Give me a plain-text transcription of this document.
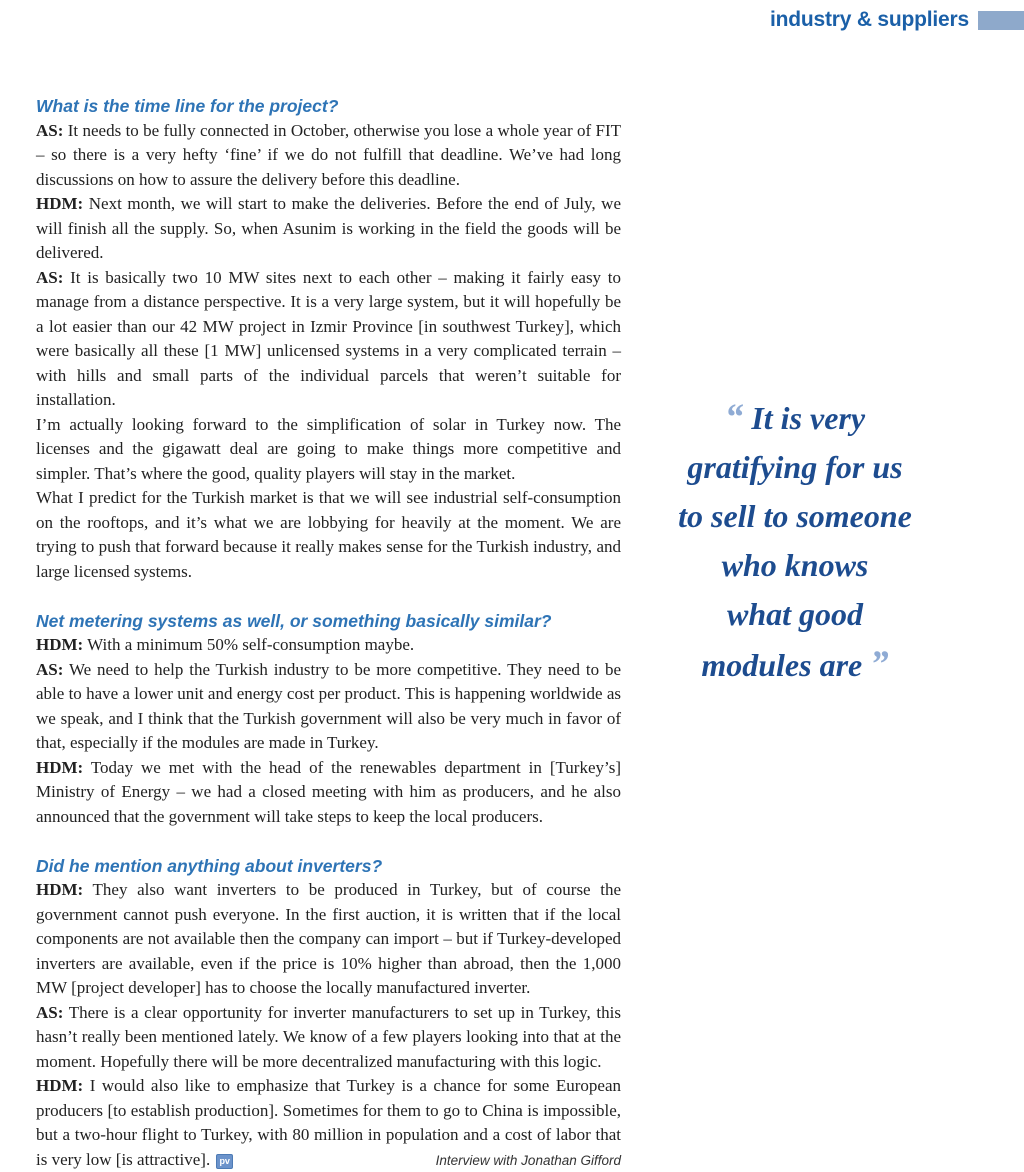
industry & suppliers
What is the time line for the project?

AS: It needs to be fully connected in October, otherwise you lose a whole year of FIT – so there is a very hefty ‘fine’ if we do not fulfill that deadline. We’ve had long discussions on how to assure the delivery before this deadline.

HDM: Next month, we will start to make the deliveries. Before the end of July, we will finish all the supply. So, when Asunim is working in the field the goods will be delivered.

AS: It is basically two 10 MW sites next to each other – making it fairly easy to manage from a distance perspective. It is a very large system, but it will hopefully be a lot easier than our 42 MW project in Izmir Province [in southwest Turkey], which were basically all these [1 MW] unlicensed systems in a very complicated terrain – with hills and small parts of the individual parcels that weren’t suitable for installation.

I’m actually looking forward to the simplification of solar in Turkey now. The licenses and the gigawatt deal are going to make things more competitive and simpler. That’s where the good, quality players will stay in the market.

What I predict for the Turkish market is that we will see industrial self-consumption on the rooftops, and it’s what we are lobbying for heavily at the moment. We are trying to push that forward because it really makes sense for the Turkish industry, and large licensed systems.

Net metering systems as well, or something basically similar?

HDM: With a minimum 50% self-consumption maybe.

AS: We need to help the Turkish industry to be more competitive. They need to be able to have a lower unit and energy cost per product. This is happening worldwide as we speak, and I think that the Turkish government will also be very much in favor of that, especially if the modules are made in Turkey.

HDM: Today we met with the head of the renewables department in [Turkey’s] Ministry of Energy – we had a closed meeting with him as producers, and he also announced that the government will take steps to keep the local producers.

Did he mention anything about inverters?

HDM: They also want inverters to be produced in Turkey, but of course the government cannot push everyone. In the first auction, it is written that if the local components are not available then the company can import – but if Turkey-developed inverters are available, even if the price is 10% higher than abroad, then the 1,000 MW [project developer] has to choose the locally manufactured inverter.

AS: There is a clear opportunity for inverter manufacturers to set up in Turkey, this hasn’t really been mentioned lately. We know of a few players looking into that at the moment. Hopefully there will be more decentralized manufacturing with this logic.

HDM: I would also like to emphasize that Turkey is a chance for some European producers [to establish production]. Sometimes for them to go to China is impossible, but a two-hour flight to Turkey, with 80 million in population and a cost of labor that is very low [is attractive]. pv	Interview with Jonathan Gifford

“ It is very
gratifying for us
to sell to someone
who knows
what good
modules are ”
